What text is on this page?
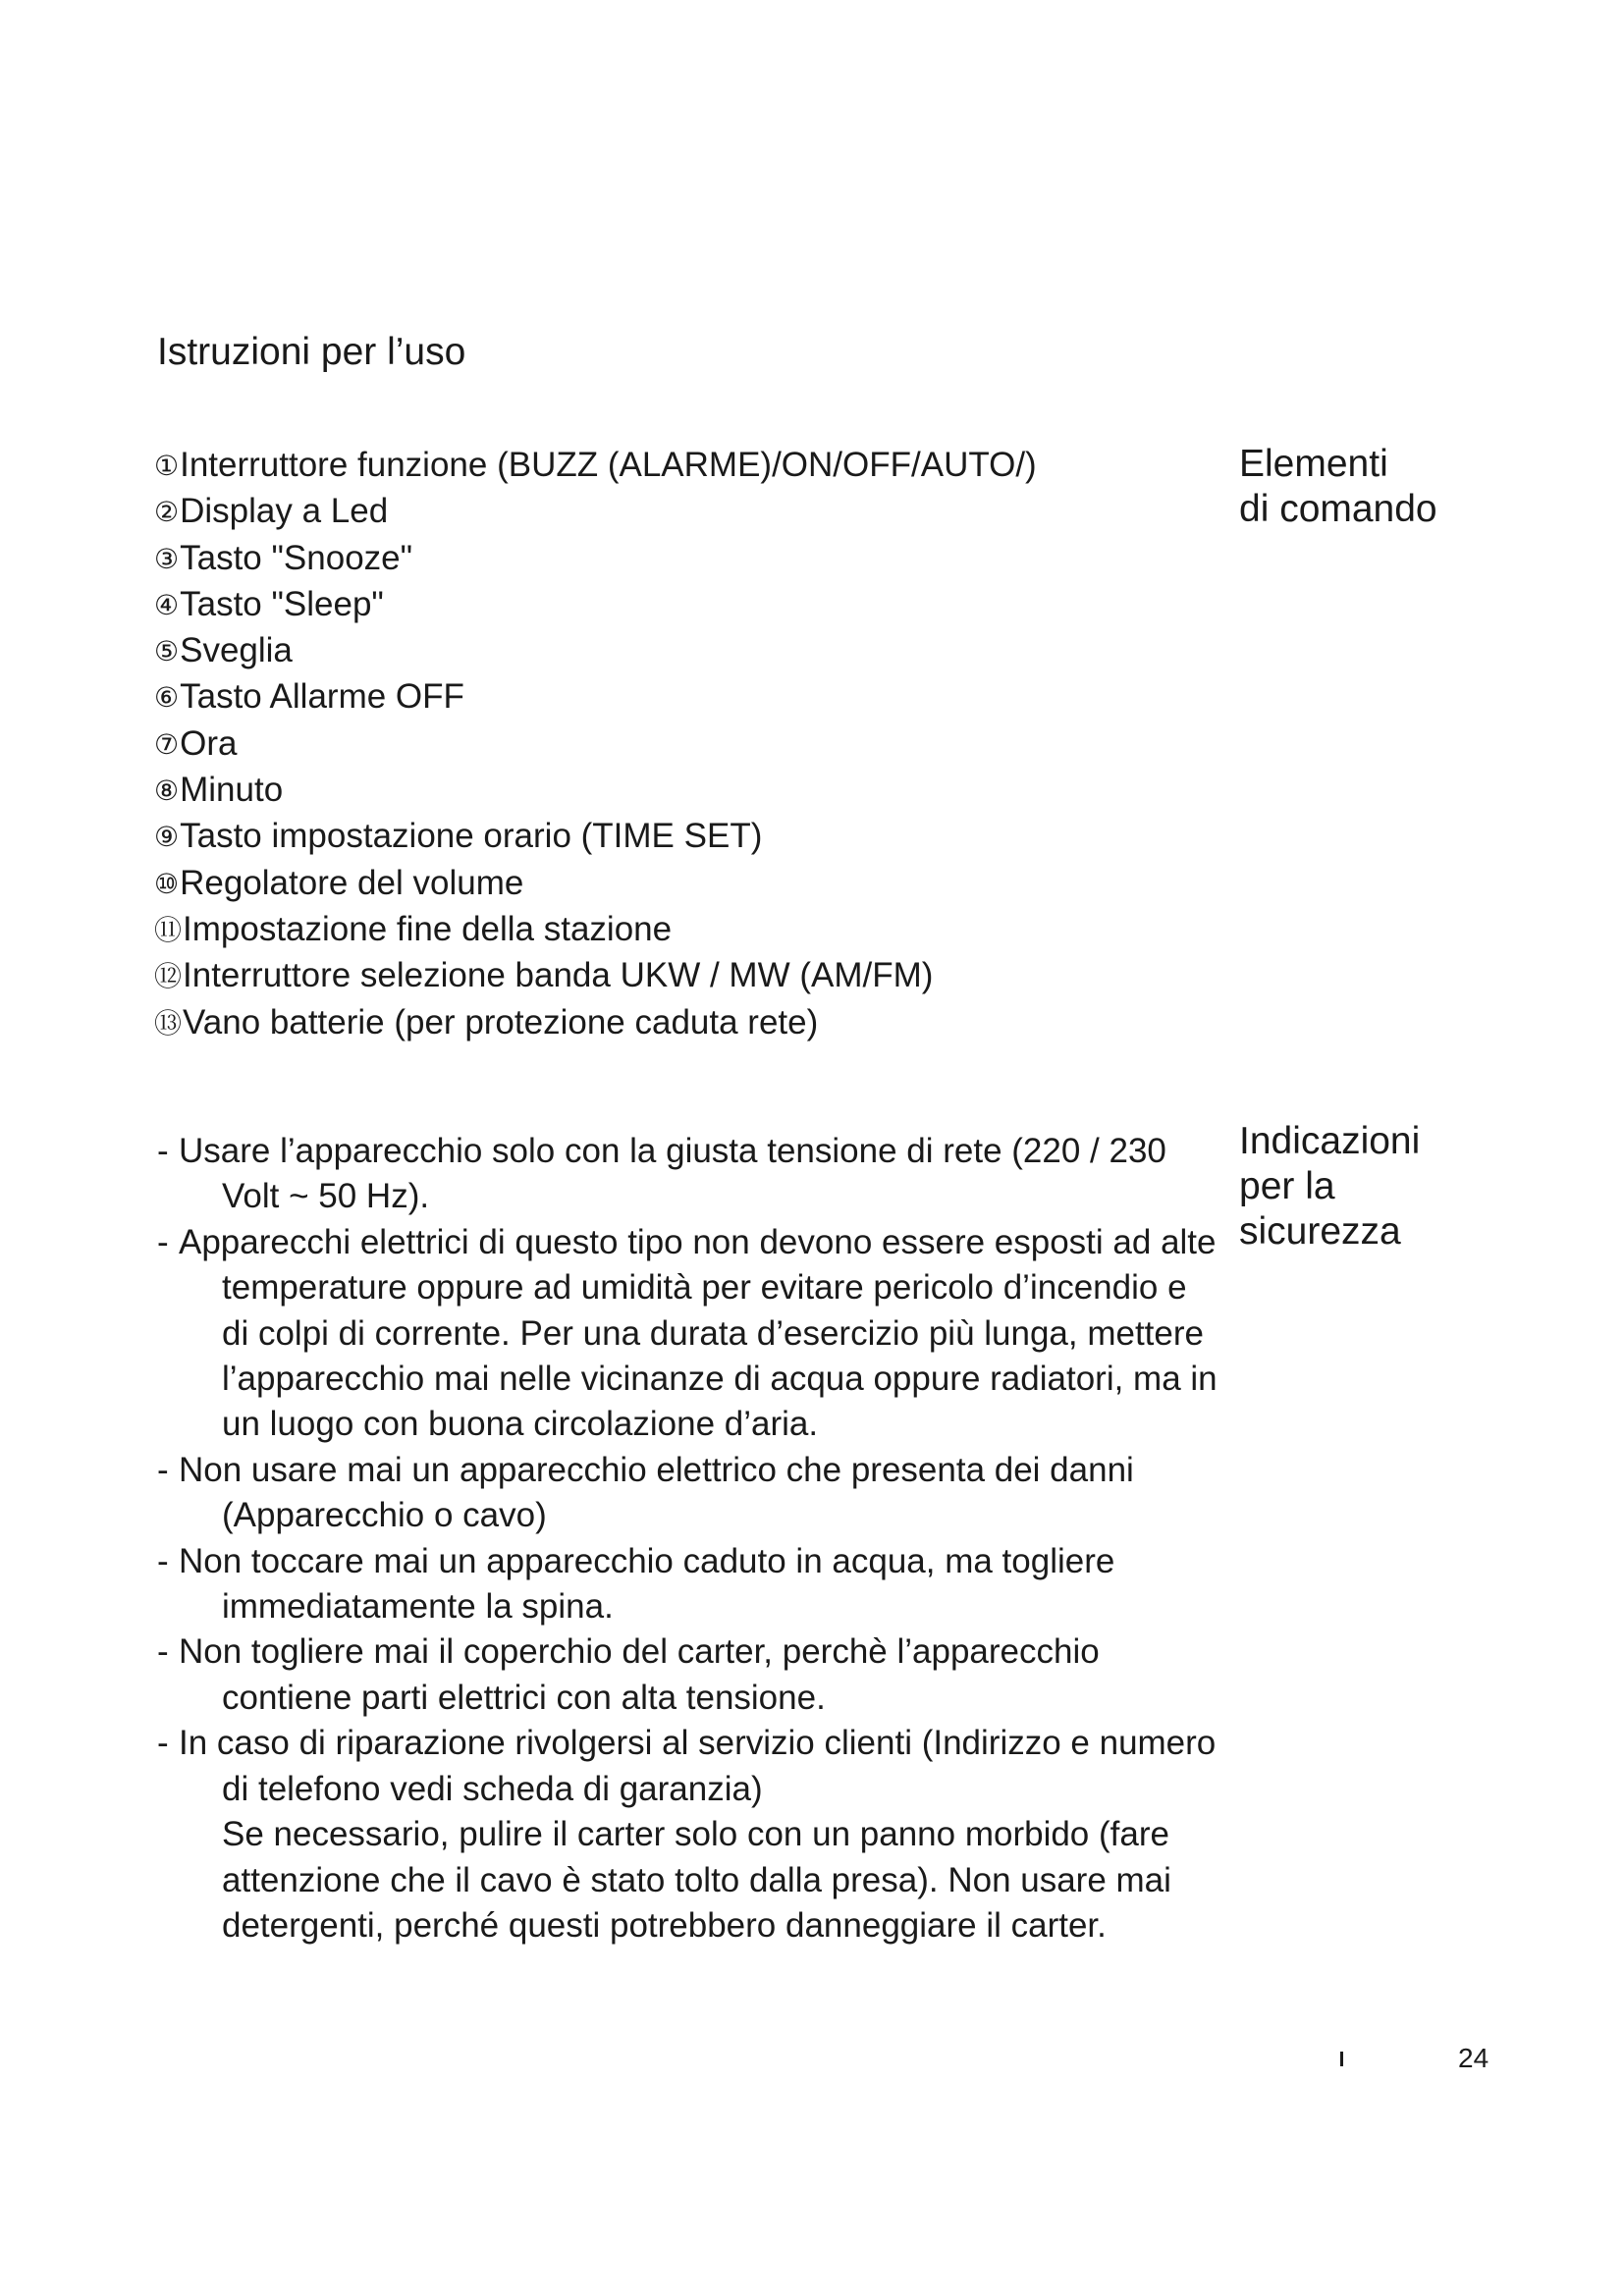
Istruzioni per l’uso
①Interruttore funzione (BUZZ (ALARME)/ON/OFF/AUTO/)
②Display a Led
③Tasto "Snooze"
④Tasto "Sleep"
⑤Sveglia
⑥Tasto Allarme OFF
⑦Ora
⑧Minuto
⑨Tasto impostazione orario (TIME SET)
⑩Regolatore del volume
⑪Impostazione fine della stazione
⑫Interruttore selezione banda UKW / MW (AM/FM)
⑬Vano batterie (per protezione caduta rete)
Elementi
di comando
- Usare l’apparecchio solo con la giusta tensione di rete (220 / 230 Volt ~ 50 Hz).
- Apparecchi elettrici di questo tipo non devono essere esposti ad alte temperature oppure ad umidità per evitare pericolo d’incendio e di colpi di corrente. Per una durata d’esercizio più lunga, mettere l’apparecchio mai nelle vicinanze di acqua oppure radiatori, ma in un luogo con buona circolazione d’aria.
- Non usare mai un apparecchio elettrico che presenta dei danni (Apparecchio o cavo)
- Non toccare mai un apparecchio caduto in acqua, ma togliere immediatamente la spina.
- Non togliere mai il coperchio del carter, perchè l’apparecchio contiene parti elettrici con alta tensione.
- In caso di riparazione rivolgersi al servizio clienti (Indirizzo e numero di telefono vedi scheda di garanzia)
Se necessario, pulire il carter solo con un panno morbido (fare attenzione che il cavo è stato tolto dalla presa). Non usare mai detergenti, perché questi potrebbero danneggiare il carter.
Indicazioni
per la
sicurezza
24
